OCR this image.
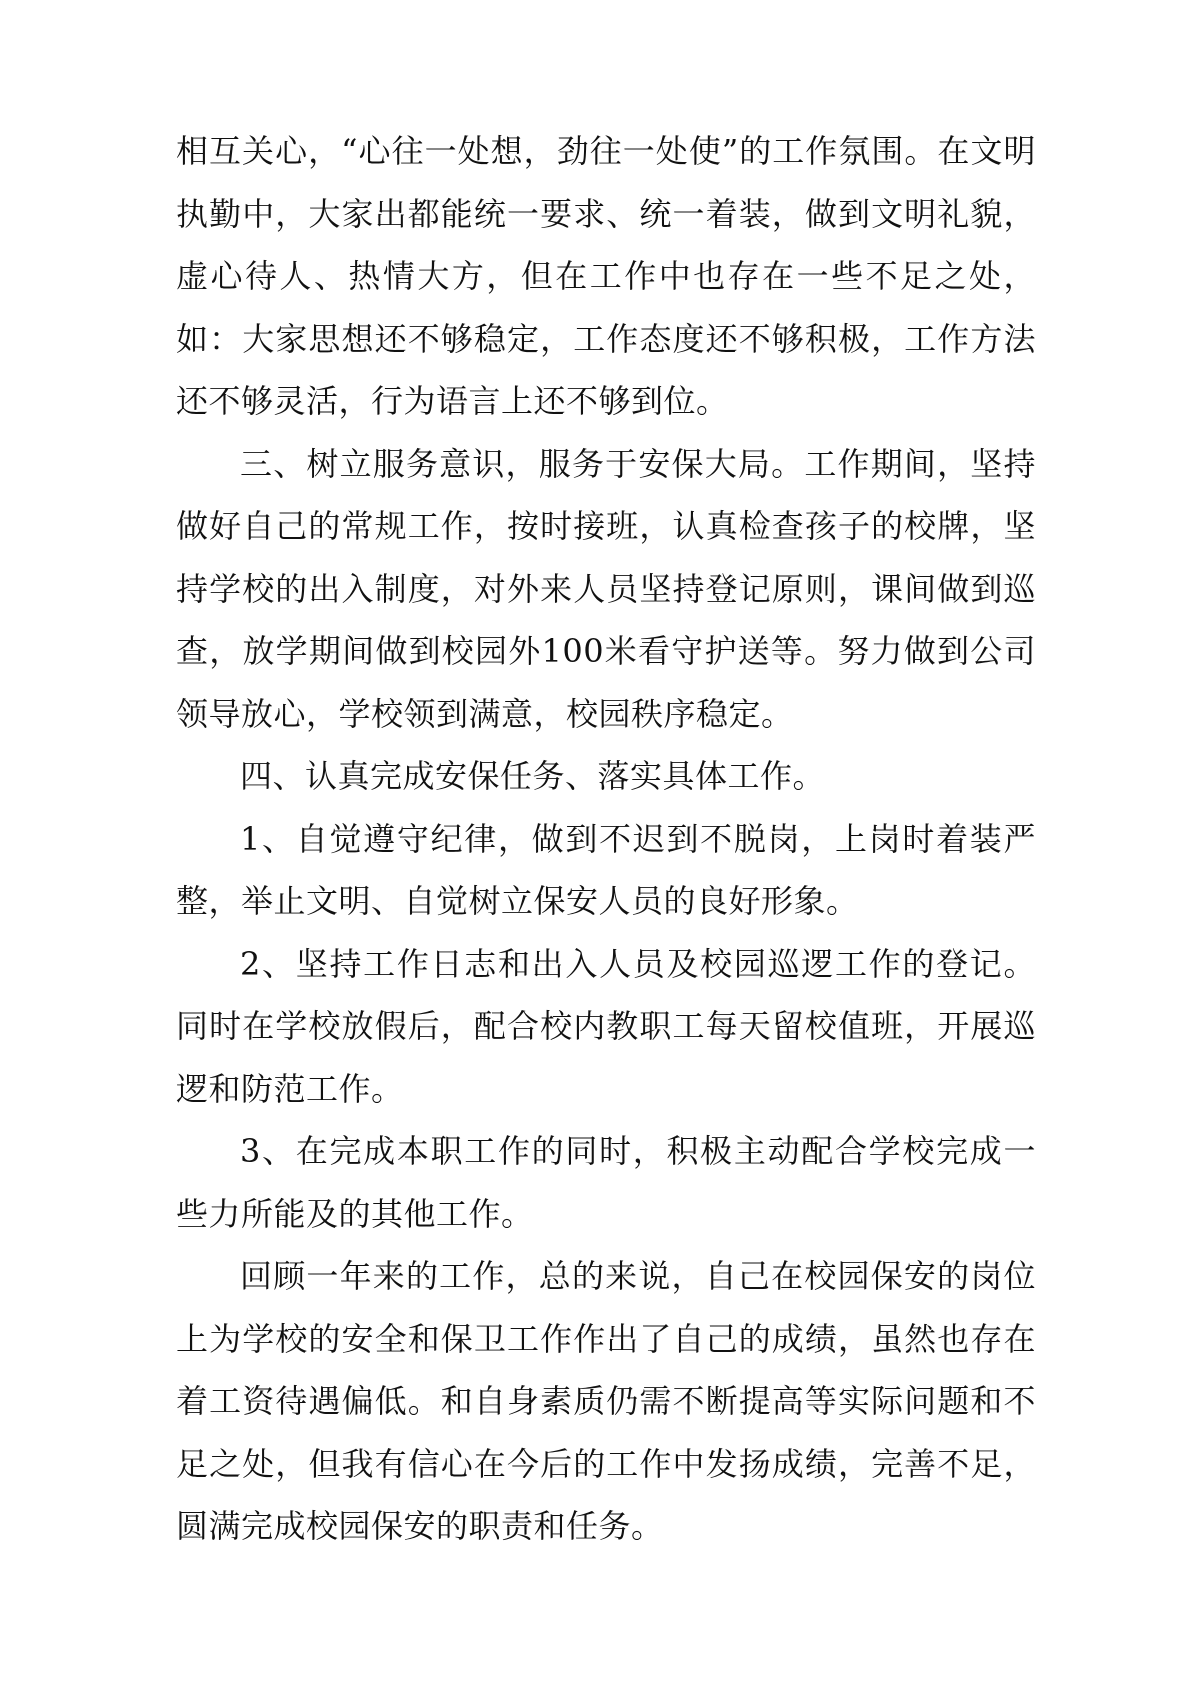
相互关心，“心往一处想，劲往一处使”的工作氛围。在文明执勤中，大家出都能统一要求、统一着装，做到文明礼貌，虚心待人、热情大方，但在工作中也存在一些不足之处，如：大家思想还不够稳定，工作态度还不够积极，工作方法还不够灵活，行为语言上还不够到位。

三、树立服务意识，服务于安保大局。工作期间，坚持做好自己的常规工作，按时接班，认真检查孩子的校牌，坚持学校的出入制度，对外来人员坚持登记原则，课间做到巡查，放学期间做到校园外100米看守护送等。努力做到公司领导放心，学校领到满意，校园秩序稳定。

四、认真完成安保任务、落实具体工作。

1、自觉遵守纪律，做到不迟到不脱岗，上岗时着装严整，举止文明、自觉树立保安人员的良好形象。

2、坚持工作日志和出入人员及校园巡逻工作的登记。同时在学校放假后，配合校内教职工每天留校值班，开展巡逻和防范工作。

3、在完成本职工作的同时，积极主动配合学校完成一些力所能及的其他工作。

回顾一年来的工作，总的来说，自己在校园保安的岗位上为学校的安全和保卫工作作出了自己的成绩，虽然也存在着工资待遇偏低。和自身素质仍需不断提高等实际问题和不足之处，但我有信心在今后的工作中发扬成绩，完善不足，圆满完成校园保安的职责和任务。
